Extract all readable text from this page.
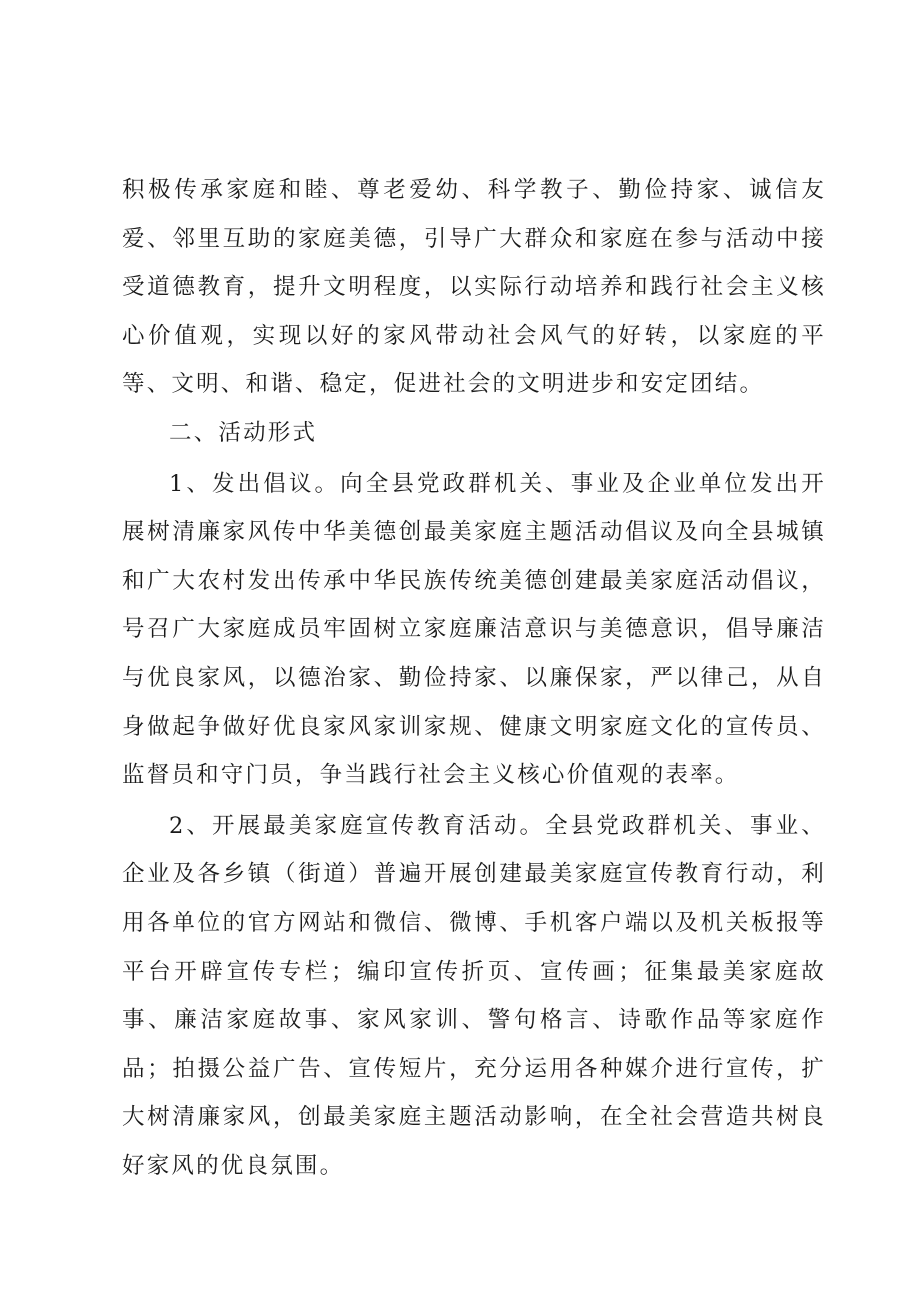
积极传承家庭和睦、尊老爱幼、科学教子、勤俭持家、诚信友爱、邻里互助的家庭美德，引导广大群众和家庭在参与活动中接受道德教育，提升文明程度，以实际行动培养和践行社会主义核心价值观，实现以好的家风带动社会风气的好转，以家庭的平等、文明、和谐、稳定，促进社会的文明进步和安定团结。

二、活动形式

1、发出倡议。向全县党政群机关、事业及企业单位发出开展树清廉家风传中华美德创最美家庭主题活动倡议及向全县城镇和广大农村发出传承中华民族传统美德创建最美家庭活动倡议，号召广大家庭成员牢固树立家庭廉洁意识与美德意识，倡导廉洁与优良家风，以德治家、勤俭持家、以廉保家，严以律己，从自身做起争做好优良家风家训家规、健康文明家庭文化的宣传员、监督员和守门员，争当践行社会主义核心价值观的表率。

2、开展最美家庭宣传教育活动。全县党政群机关、事业、企业及各乡镇（街道）普遍开展创建最美家庭宣传教育行动，利用各单位的官方网站和微信、微博、手机客户端以及机关板报等平台开辟宣传专栏；编印宣传折页、宣传画；征集最美家庭故事、廉洁家庭故事、家风家训、警句格言、诗歌作品等家庭作品；拍摄公益广告、宣传短片，充分运用各种媒介进行宣传，扩大树清廉家风，创最美家庭主题活动影响，在全社会营造共树良好家风的优良氛围。
